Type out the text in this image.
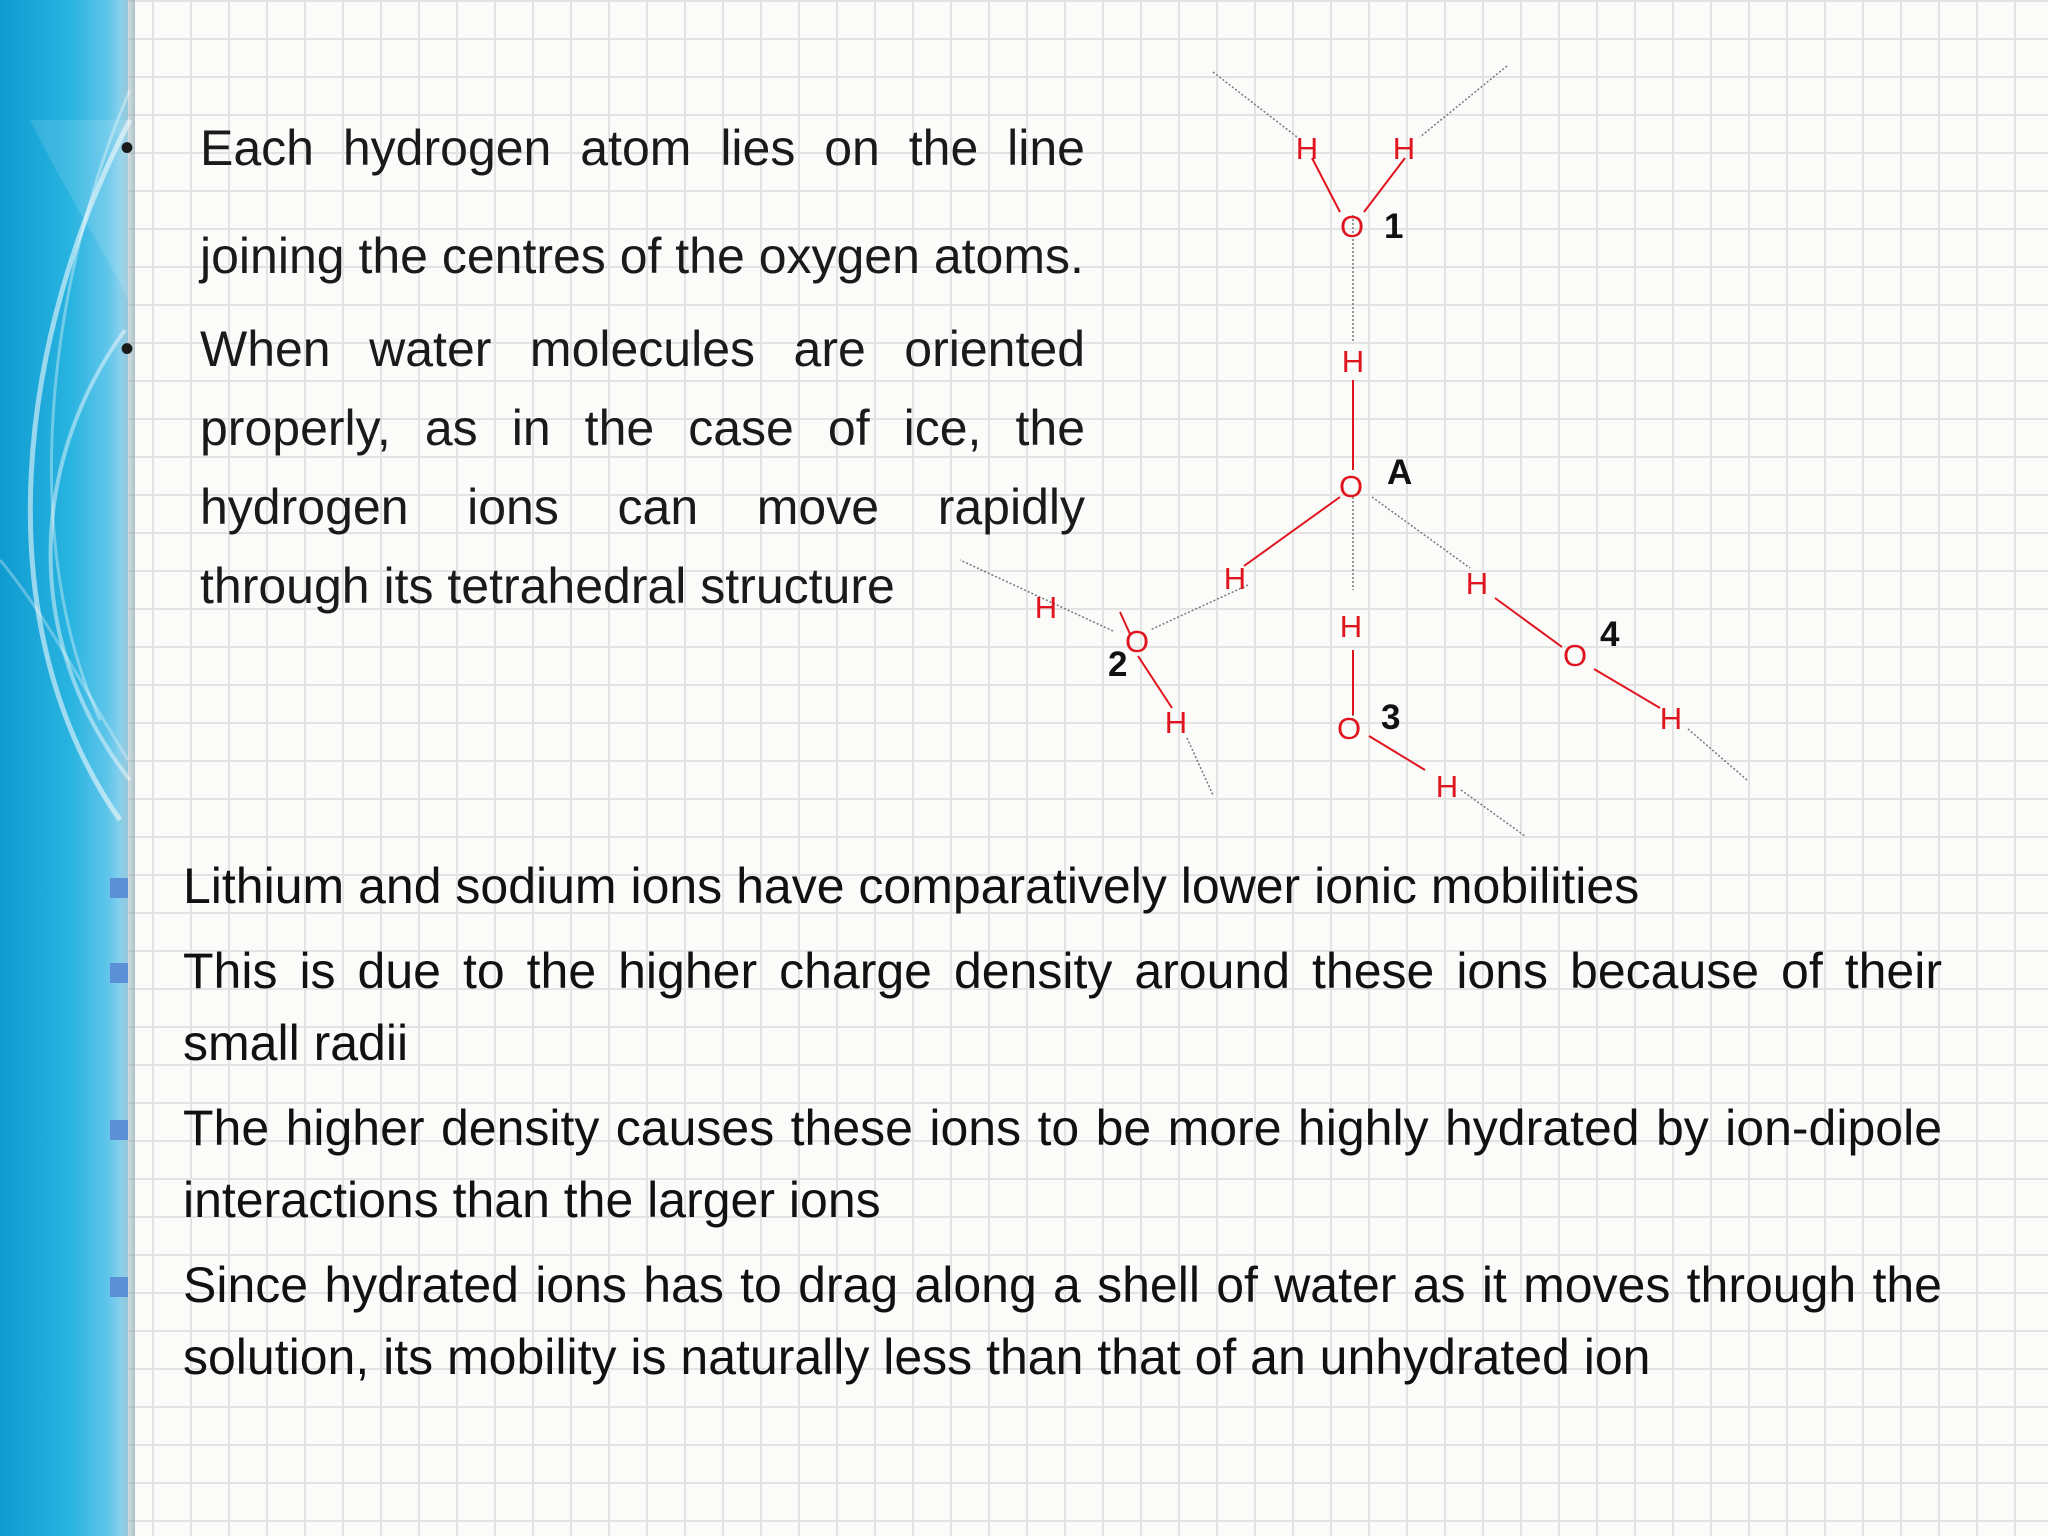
• Each hydrogen atom lies on the line joining the centres of the oxygen atoms.
• When water molecules are oriented properly, as in the case of ice, the hydrogen ions can move rapidly through its tetrahedral structure
H H
O
H
O
H	H
H
H
O	O
H	O	H
H
1
A
2
3
4
Lithium and sodium ions have comparatively lower ionic mobilities
This is due to the higher charge density around these ions because of their small radii
The higher density causes these ions to be more highly hydrated by ion-dipole interactions than the larger ions
Since hydrated ions has to drag along a shell of water as it moves through the solution, its mobility is naturally less than that of an unhydrated ion
